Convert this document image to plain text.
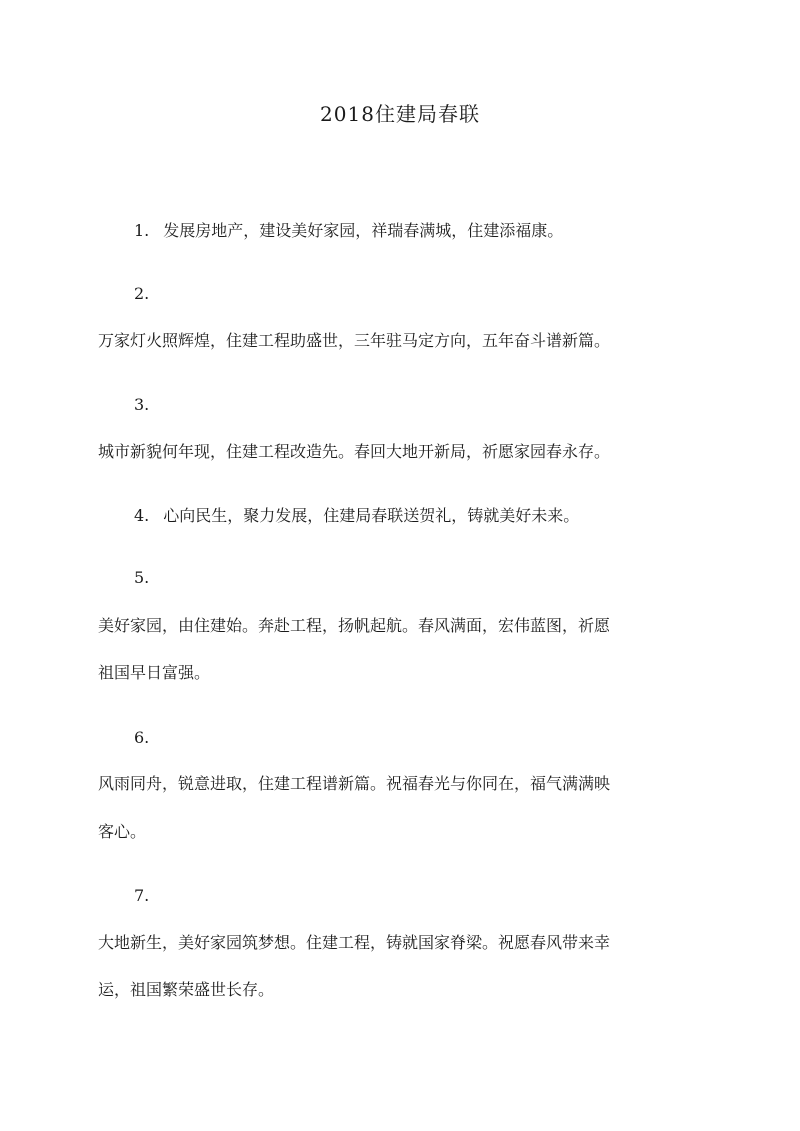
2018住建局春联
1. 发展房地产，建设美好家园，祥瑞春满城，住建添福康。
2.
万家灯火照辉煌，住建工程助盛世，三年驻马定方向，五年奋斗谱新篇。
3.
城市新貌何年现，住建工程改造先。春回大地开新局，祈愿家园春永存。
4. 心向民生，聚力发展，住建局春联送贺礼，铸就美好未来。
5.
美好家园，由住建始。奔赴工程，扬帆起航。春风满面，宏伟蓝图，祈愿
祖国早日富强。
6.
风雨同舟，锐意进取，住建工程谱新篇。祝福春光与你同在，福气满满映
客心。
7.
大地新生，美好家园筑梦想。住建工程，铸就国家脊梁。祝愿春风带来幸
运，祖国繁荣盛世长存。
